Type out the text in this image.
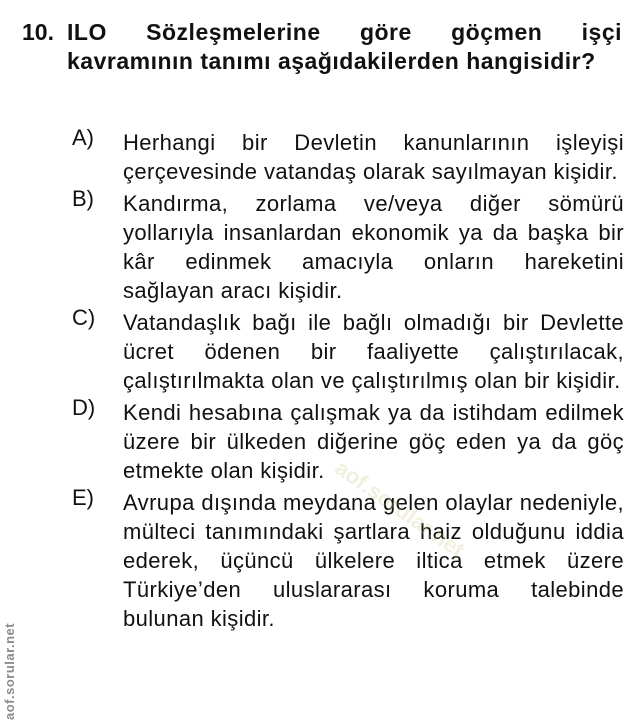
10. ILO Sözleşmelerine göre göçmen işçi kavramının tanımı aşağıdakilerden hangisidir?
A)	Herhangi bir Devletin kanunlarının işleyişi çerçevesinde vatandaş olarak sayılmayan kişidir.
B)	Kandırma, zorlama ve/veya diğer sömürü yollarıyla insanlardan ekonomik ya da başka bir kâr edinmek amacıyla onların hareketini sağlayan aracı kişidir.
C)	Vatandaşlık bağı ile bağlı olmadığı bir Devlette ücret ödenen bir faaliyette çalıştırılacak, çalıştırılmakta olan ve çalıştırılmış olan bir kişidir.
D)	Kendi hesabına çalışmak ya da istihdam edilmek üzere bir ülkeden diğerine göç eden ya da göç etmekte olan kişidir.
E)	Avrupa dışında meydana gelen olaylar nedeniyle, mülteci tanımındaki şartlara haiz olduğunu iddia ederek, üçüncü ülkelere iltica etmek üzere Türkiye’den uluslararası koruma talebinde bulunan kişidir.
aof.sorular.net
aof.sorular.net
